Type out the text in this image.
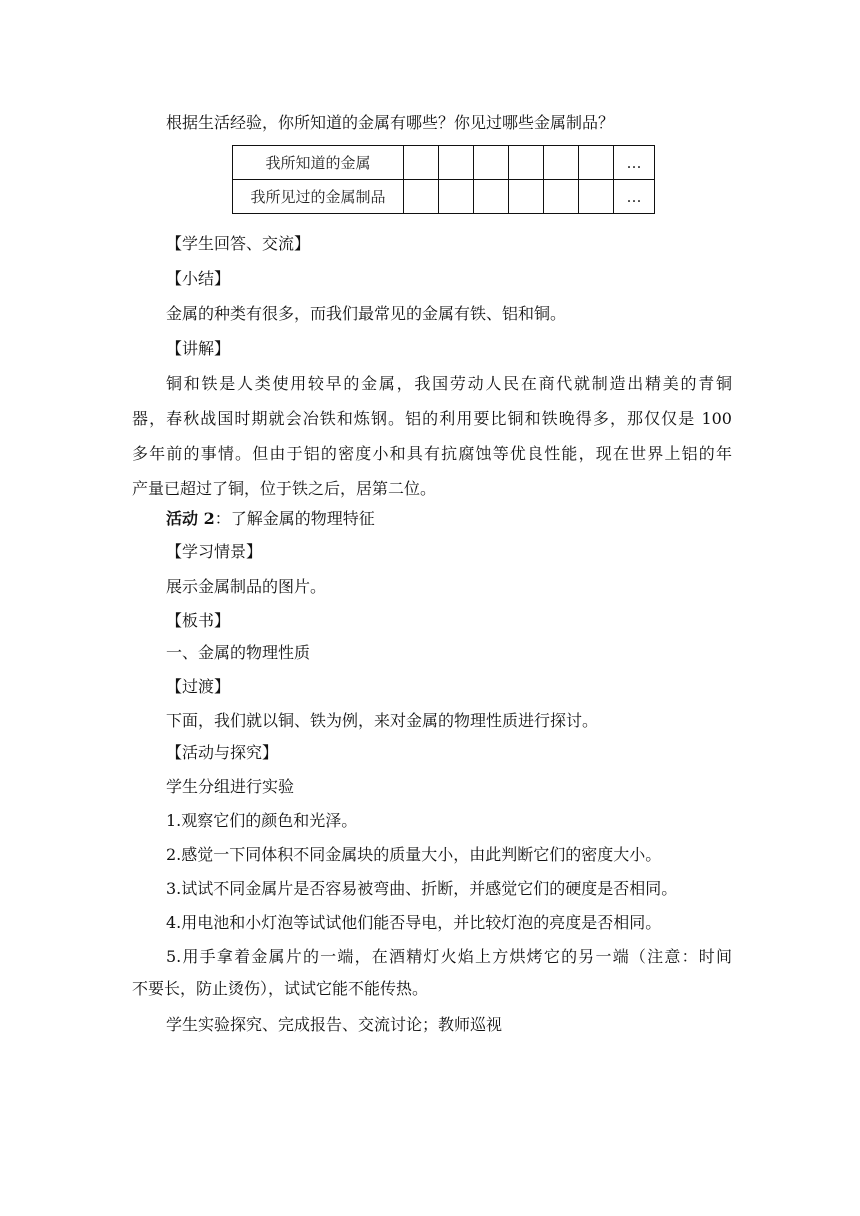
根据生活经验，你所知道的金属有哪些？你见过哪些金属制品？
我所知道的金属							…
我所见过的金属制品							…
【学生回答、交流】
【小结】
金属的种类有很多，而我们最常见的金属有铁、铝和铜。
【讲解】
铜和铁是人类使用较早的金属，我国劳动人民在商代就制造出精美的青铜
器，春秋战国时期就会冶铁和炼钢。铝的利用要比铜和铁晚得多，那仅仅是 100
多年前的事情。但由于铝的密度小和具有抗腐蚀等优良性能，现在世界上铝的年
产量已超过了铜，位于铁之后，居第二位。
活动 2：了解金属的物理特征
【学习情景】
展示金属制品的图片。
【板书】
一、金属的物理性质
【过渡】
下面，我们就以铜、铁为例，来对金属的物理性质进行探讨。
【活动与探究】
学生分组进行实验
1.观察它们的颜色和光泽。
2.感觉一下同体积不同金属块的质量大小，由此判断它们的密度大小。
3.试试不同金属片是否容易被弯曲、折断，并感觉它们的硬度是否相同。
4.用电池和小灯泡等试试他们能否导电，并比较灯泡的亮度是否相同。
5.用手拿着金属片的一端，在酒精灯火焰上方烘烤它的另一端（注意：时间
不要长，防止烫伤），试试它能不能传热。
学生实验探究、完成报告、交流讨论；教师巡视
